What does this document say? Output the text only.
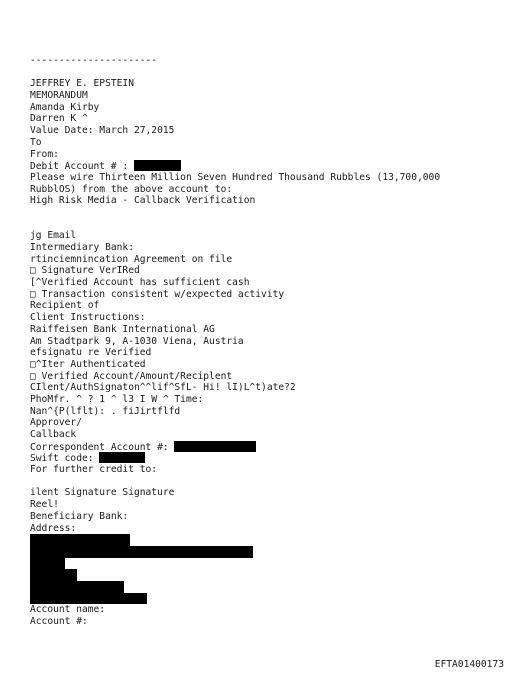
----------------------
JEFFREY E. EPSTEIN
MEMORANDUM
Amanda Kirby
Darren K ^
Value Date: March 27,2015
To
From:
Debit Account # :
Please wire Thirteen Million Seven Hundred Thousand Rubbles (13,700,000
RubblOS) from the above account to:
High Risk Media - Callback Verification
jg Email
Intermediary Bank:
rtinciemnincation Agreement on file
□ Signature VerIRed
[^Verified Account has sufficient cash
□ Transaction consistent w/expected activity
Recipient of
Client Instructions:
Raiffeisen Bank International AG
Am Stadtpark 9, A-1030 Viena, Austria
efsignatu re Verified
□^Iter Authenticated
□ Verified Account/Amount/Reciplent
CIlent/AuthSignaton^^lif^SfL- Hi! lI)L^t)ate?2
PhoMfr. ^ ? 1 ^ l3 I W ^ Time:
Nan^{P(lflt): . fiJirtflfd
Approver/
Callback
Correspondent Account #:
Swift code:
For further credit to:
ilent Signature Signature
Reel!
Beneficiary Bank:
Address:
Account name:
Account #:
EFTA01400173
